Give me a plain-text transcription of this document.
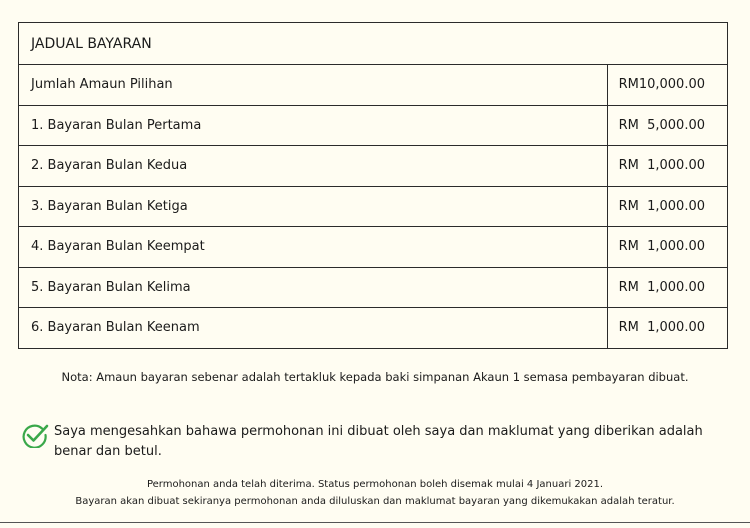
JADUAL BAYARAN	
Jumlah Amaun Pilihan	RM 10,000.00

1. Bayaran Bulan Pertama	RM 5,000.00

2. Bayaran Bulan Kedua	RM 1,000.00

3. Bayaran Bulan Ketiga	RM 1,000.00

4. Bayaran Bulan Keempat	RM 1,000.00

5. Bayaran Bulan Kelima	RM 1,000.00

6. Bayaran Bulan Keenam	RM 1,000.00
Nota: Amaun bayaran sebenar adalah tertakluk kepada baki simpanan Akaun 1 semasa pembayaran dibuat.
Saya mengesahkan bahawa permohonan ini dibuat oleh saya dan maklumat yang diberikan adalah benar dan betul.
Permohonan anda telah diterima. Status permohonan boleh disemak mulai 4 Januari 2021.
Bayaran akan dibuat sekiranya permohonan anda diluluskan dan maklumat bayaran yang dikemukakan adalah teratur.
